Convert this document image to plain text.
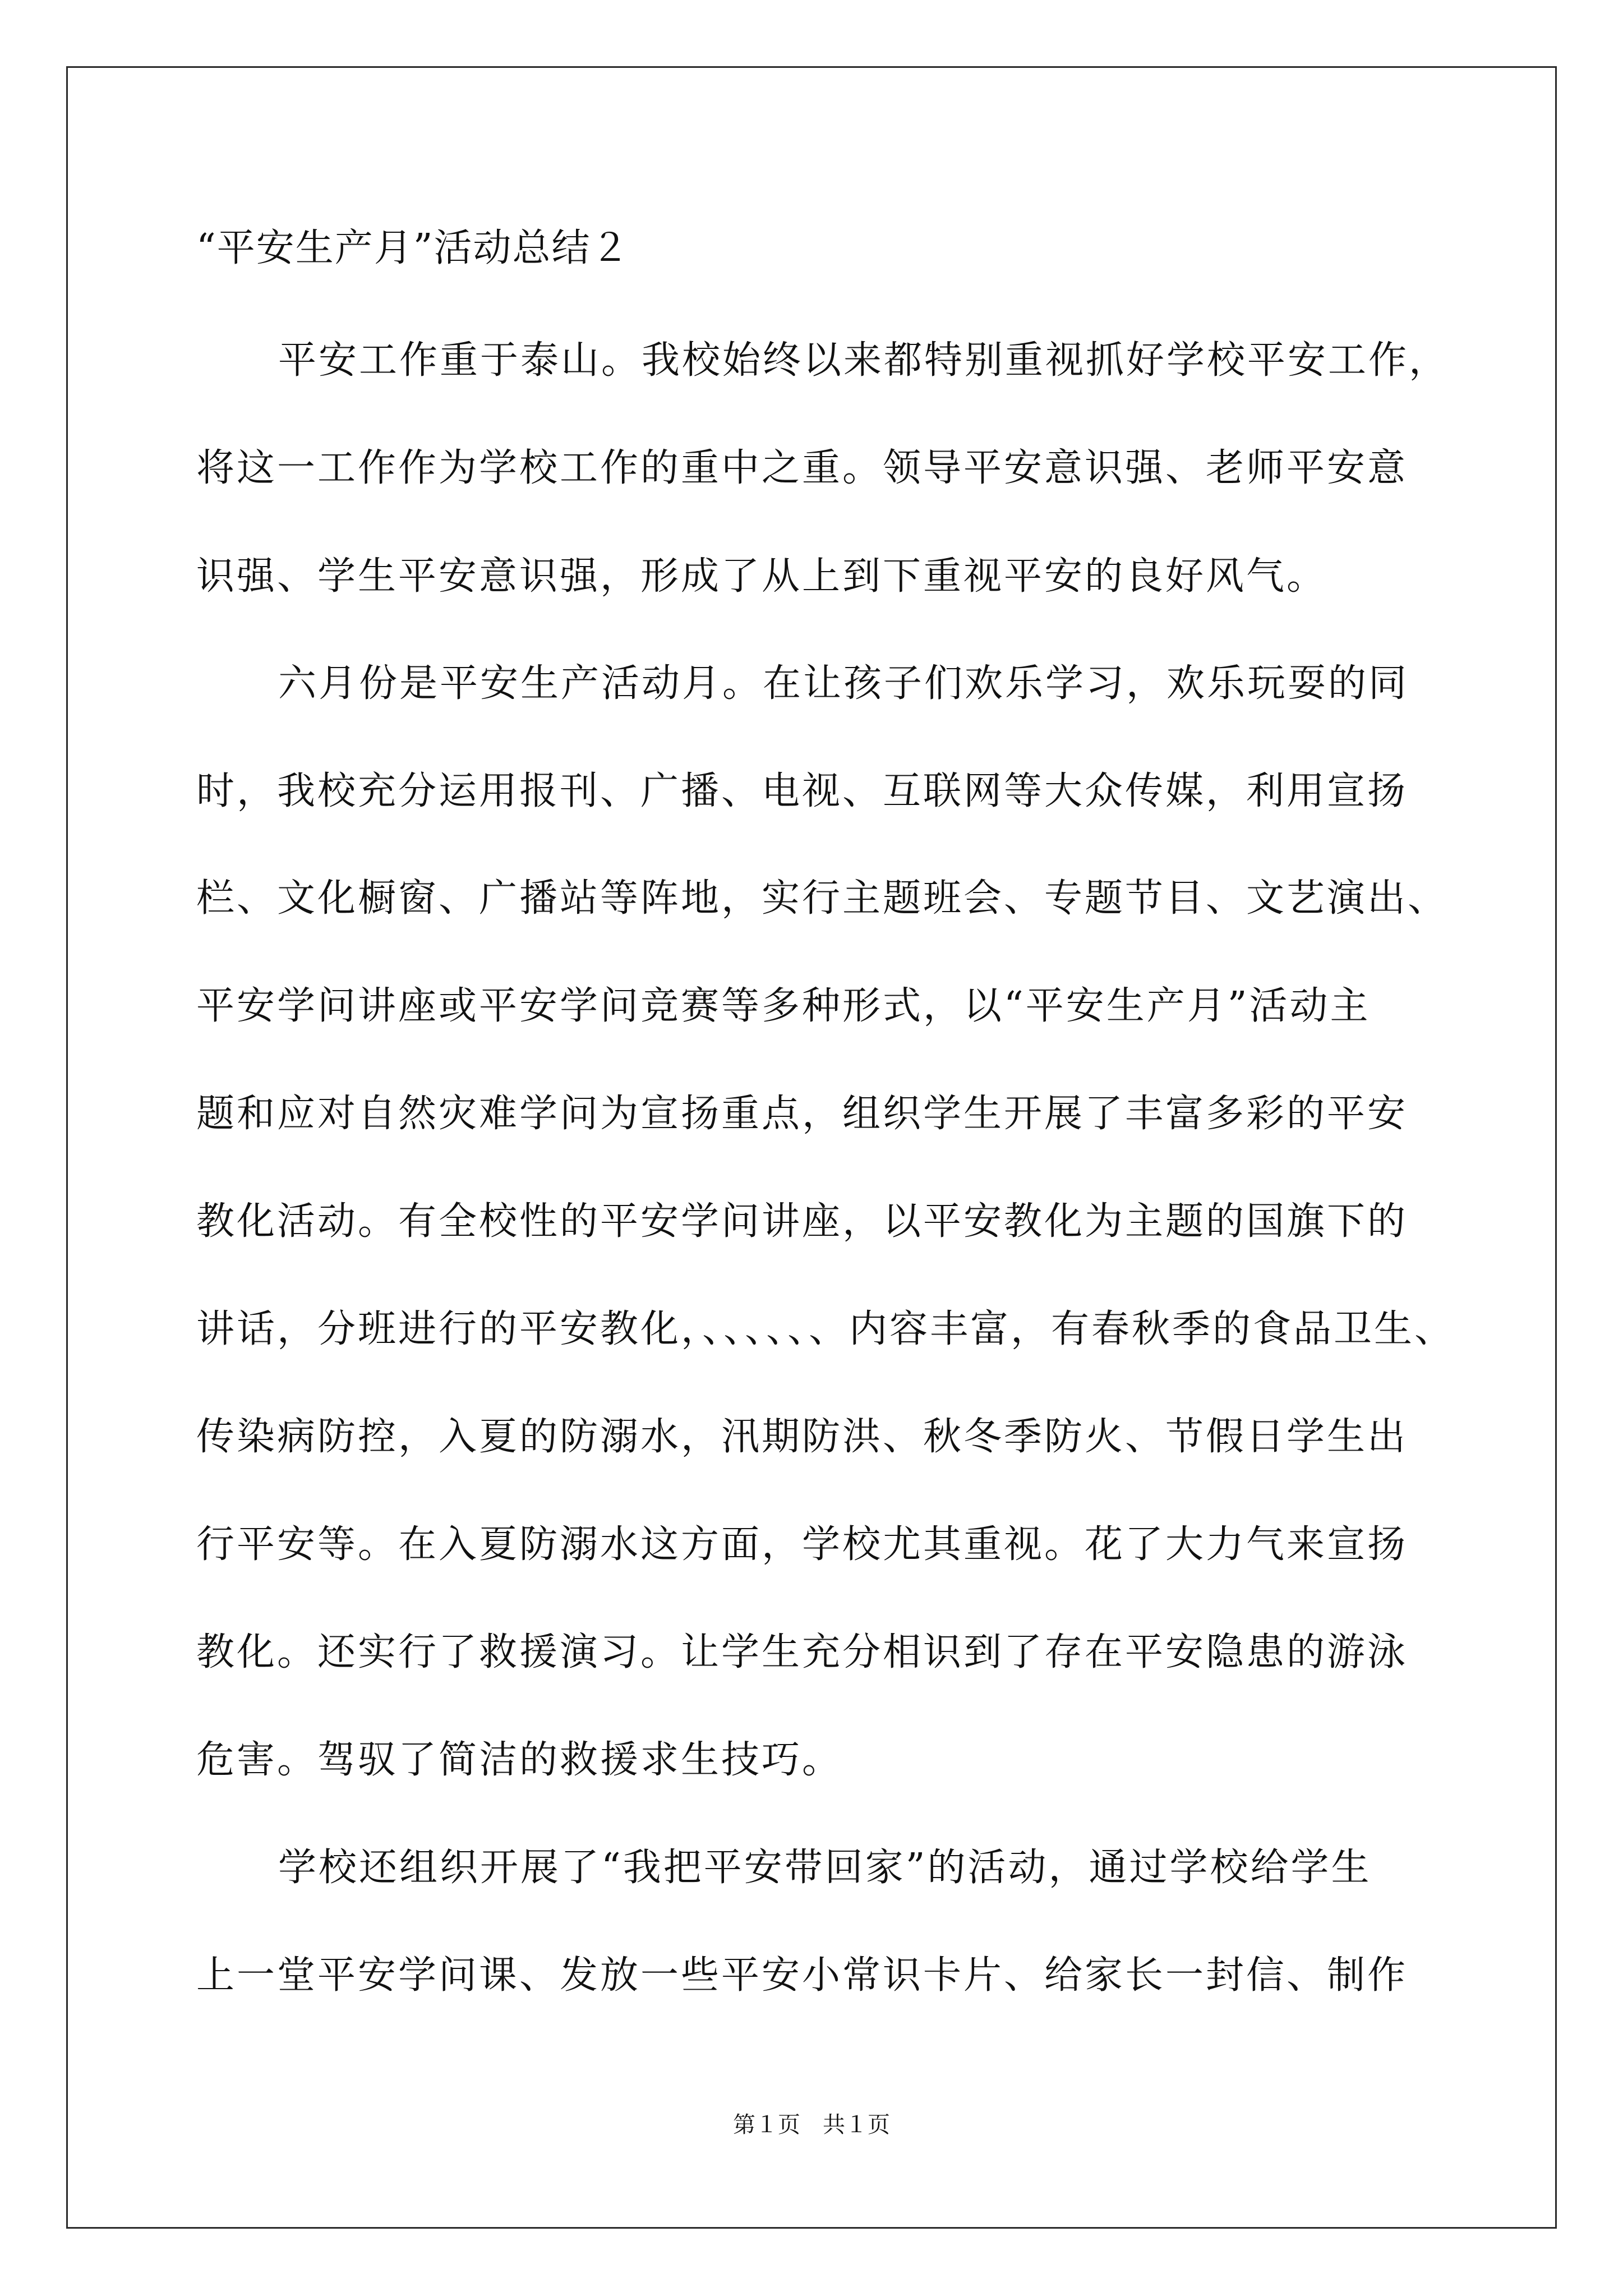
“平安生产月”活动总结２
平安工作重于泰山。我校始终以来都特别重视抓好学校平安工作，
将这一工作作为学校工作的重中之重。领导平安意识强、老师平安意
识强、学生平安意识强，形成了从上到下重视平安的良好风气。
六月份是平安生产活动月。在让孩子们欢乐学习，欢乐玩耍的同
时，我校充分运用报刊、广播、电视、互联网等大众传媒，利用宣扬
栏、文化橱窗、广播站等阵地，实行主题班会、专题节目、文艺演出、
平安学问讲座或平安学问竞赛等多种形式，以“平安生产月”活动主
题和应对自然灾难学问为宣扬重点，组织学生开展了丰富多彩的平安
教化活动。有全校性的平安学问讲座，以平安教化为主题的国旗下的
讲话，分班进行的平安教化，、、、、、、内容丰富，有春秋季的食品卫生、
传染病防控，入夏的防溺水，汛期防洪、秋冬季防火、节假日学生出
行平安等。在入夏防溺水这方面，学校尤其重视。花了大力气来宣扬
教化。还实行了救援演习。让学生充分相识到了存在平安隐患的游泳
危害。驾驭了简洁的救援求生技巧。
学校还组织开展了“我把平安带回家”的活动，通过学校给学生
上一堂平安学问课、发放一些平安小常识卡片、给家长一封信、制作
第１页　共１页
